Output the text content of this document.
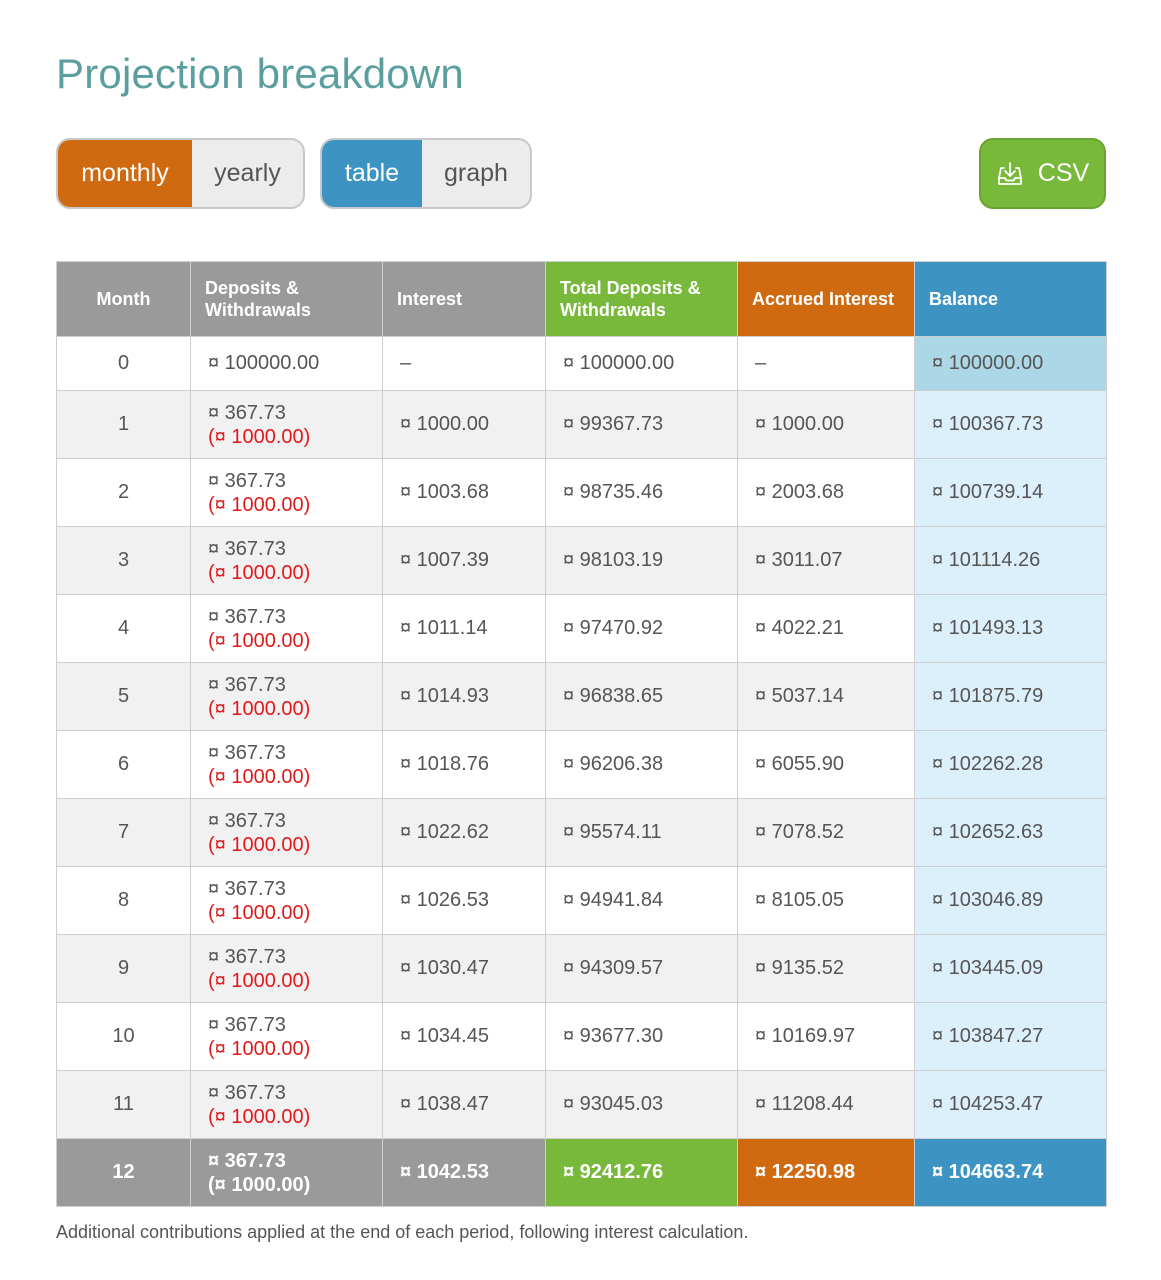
Projection breakdown
monthly	yearly	table	graph	CSV
Month	Deposits & Withdrawals	Interest	Total Deposits & Withdrawals	Accrued Interest	Balance
0	¤ 100000.00	–	¤ 100000.00	–	¤ 100000.00
1	¤ 367.73
(¤ 1000.00)	¤ 1000.00	¤ 99367.73	¤ 1000.00	¤ 100367.73
2	¤ 367.73
(¤ 1000.00)	¤ 1003.68	¤ 98735.46	¤ 2003.68	¤ 100739.14
3	¤ 367.73
(¤ 1000.00)	¤ 1007.39	¤ 98103.19	¤ 3011.07	¤ 101114.26
4	¤ 367.73
(¤ 1000.00)	¤ 1011.14	¤ 97470.92	¤ 4022.21	¤ 101493.13
5	¤ 367.73
(¤ 1000.00)	¤ 1014.93	¤ 96838.65	¤ 5037.14	¤ 101875.79
6	¤ 367.73
(¤ 1000.00)	¤ 1018.76	¤ 96206.38	¤ 6055.90	¤ 102262.28
7	¤ 367.73
(¤ 1000.00)	¤ 1022.62	¤ 95574.11	¤ 7078.52	¤ 102652.63
8	¤ 367.73
(¤ 1000.00)	¤ 1026.53	¤ 94941.84	¤ 8105.05	¤ 103046.89
9	¤ 367.73
(¤ 1000.00)	¤ 1030.47	¤ 94309.57	¤ 9135.52	¤ 103445.09
10	¤ 367.73
(¤ 1000.00)	¤ 1034.45	¤ 93677.30	¤ 10169.97	¤ 103847.27
11	¤ 367.73
(¤ 1000.00)	¤ 1038.47	¤ 93045.03	¤ 11208.44	¤ 104253.47
12	¤ 367.73
(¤ 1000.00)	¤ 1042.53	¤ 92412.76	¤ 12250.98	¤ 104663.74

Additional contributions applied at the end of each period, following interest calculation.
